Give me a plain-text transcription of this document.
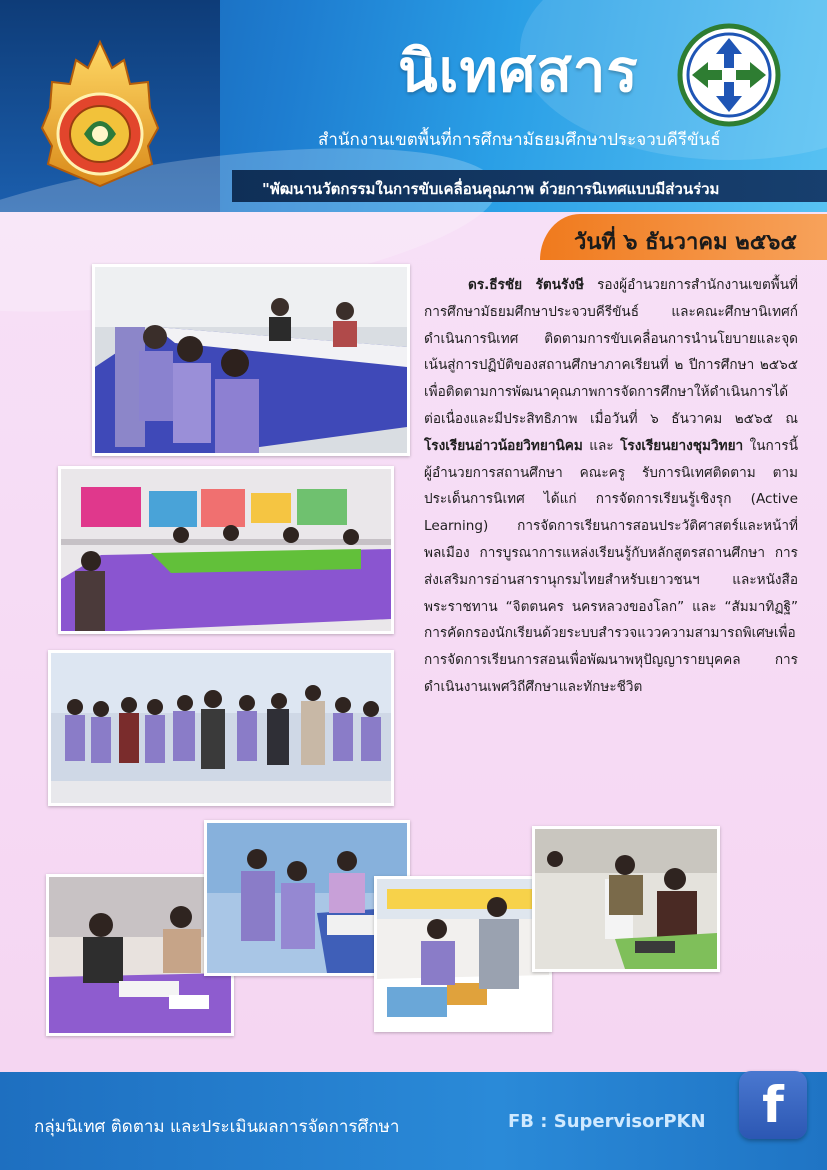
นิเทศสาร
สำนักงานเขตพื้นที่การศึกษามัธยมศึกษาประจวบคีรีขันธ์
"พัฒนานวัตกรรมในการขับเคลื่อนคุณภาพ ด้วยการนิเทศแบบมีส่วนร่วม
วันที่ ๖ ธันวาคม ๒๕๖๕

ดร.ธีรชัย รัตนรังษี รองผู้อำนวยการสำนักงานเขตพื้นที่การศึกษามัธยมศึกษาประจวบคีรีขันธ์ และคณะศึกษานิเทศก์ ดำเนินการนิเทศ ติดตามการขับเคลื่อนการนำนโยบายและจุดเน้นสู่การปฏิบัติของสถานศึกษาภาคเรียนที่ ๒ ปีการศึกษา ๒๕๖๕ เพื่อติดตามการพัฒนาคุณภาพการจัดการศึกษาให้ดำเนินการได้ต่อเนื่องและมีประสิทธิภาพ เมื่อวันที่ ๖ ธันวาคม ๒๕๖๕ ณ โรงเรียนอ่าวน้อยวิทยานิคม และ โรงเรียนยางชุมวิทยา ในการนี้ ผู้อำนวยการสถานศึกษา คณะครู รับการนิเทศติดตาม ตามประเด็นการนิเทศ ได้แก่ การจัดการเรียนรู้เชิงรุก (Active Learning) การจัดการเรียนการสอนประวัติศาสตร์และหน้าที่พลเมือง การบูรณาการแหล่งเรียนรู้กับหลักสูตรสถานศึกษา การส่งเสริมการอ่านสารานุกรมไทยสำหรับเยาวชนฯ และหนังสือพระราชทาน “จิตตนคร นครหลวงของโลก” และ “สัมมาทิฏฐิ” การคัดกรองนักเรียนด้วยระบบสำรวจแววความสามารถพิเศษเพื่อการจัดการเรียนการสอนเพื่อพัฒนาพหุปัญญารายบุคคล การดำเนินงานเพศวิถีศึกษาและทักษะชีวิต

กลุ่มนิเทศ ติดตาม และประเมินผลการจัดการศึกษา	FB : SupervisorPKN	f
